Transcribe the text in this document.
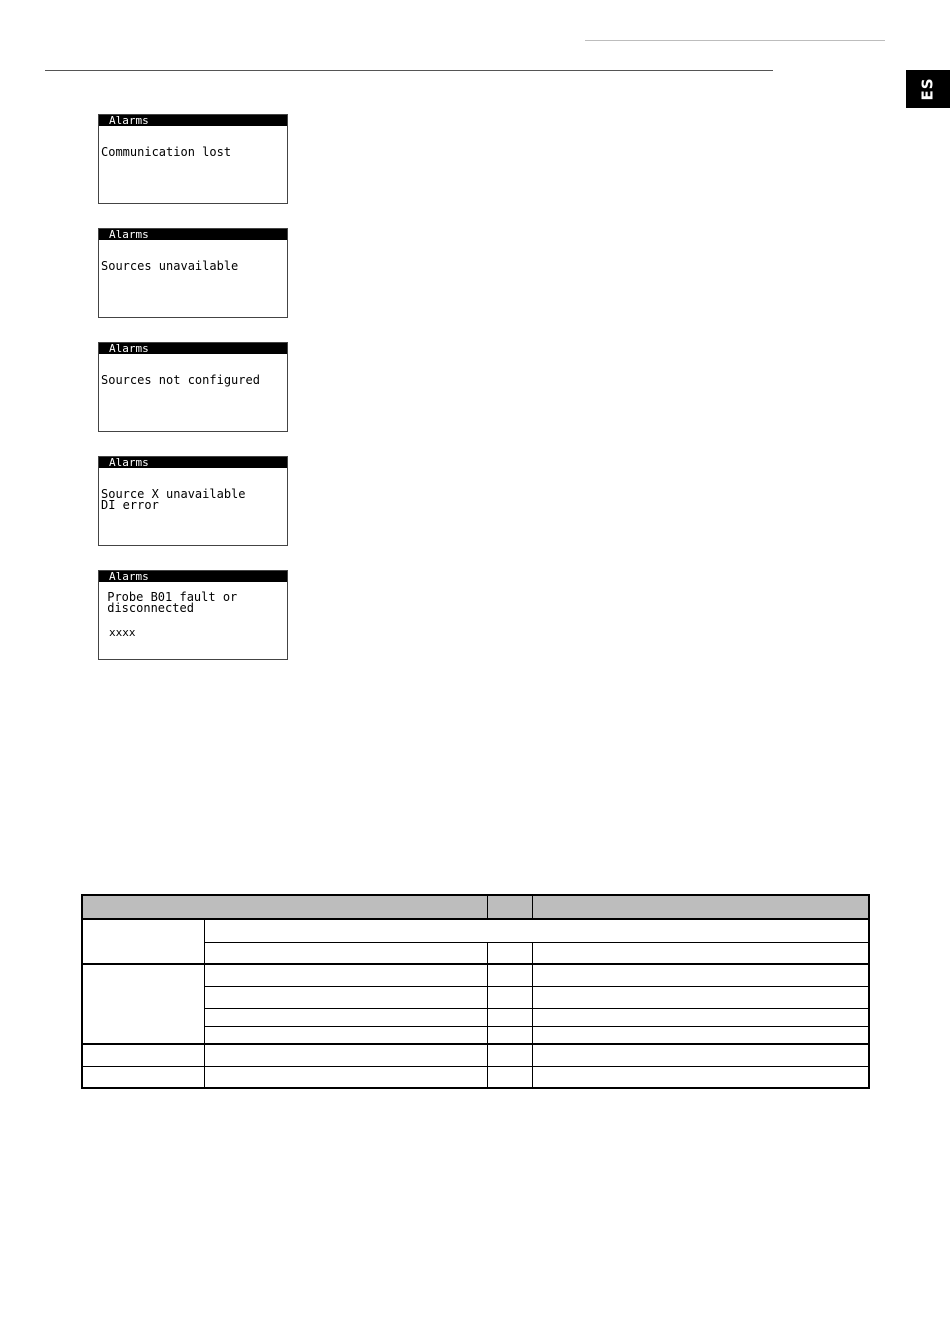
ES
Alarms
Communication lost
Alarms
Sources unavailable
Alarms
Sources not configured
Alarms
Source X unavailable
DI error
Alarms
Probe B01 fault or
disconnected
xxxx
